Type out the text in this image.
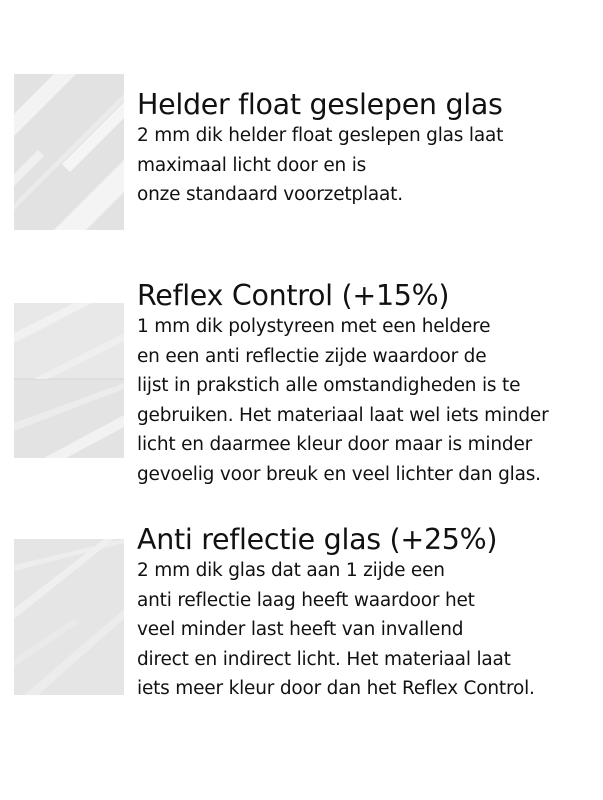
Helder float geslepen glas
2 mm dik helder float geslepen glas laat
maximaal licht door en is
onze standaard voorzetplaat.
Reflex Control (+15%)
1 mm dik polystyreen met een heldere
en een anti reflectie zijde waardoor de
lijst in prakstich alle omstandigheden is te
gebruiken. Het materiaal laat wel iets minder
licht en daarmee kleur door maar is minder
gevoelig voor breuk en veel lichter dan glas.
Anti reflectie glas (+25%)
2 mm dik glas dat aan 1 zijde een
anti reflectie laag heeft waardoor het
veel minder last heeft van invallend
direct en indirect licht. Het materiaal laat
iets meer kleur door dan het Reflex Control.
